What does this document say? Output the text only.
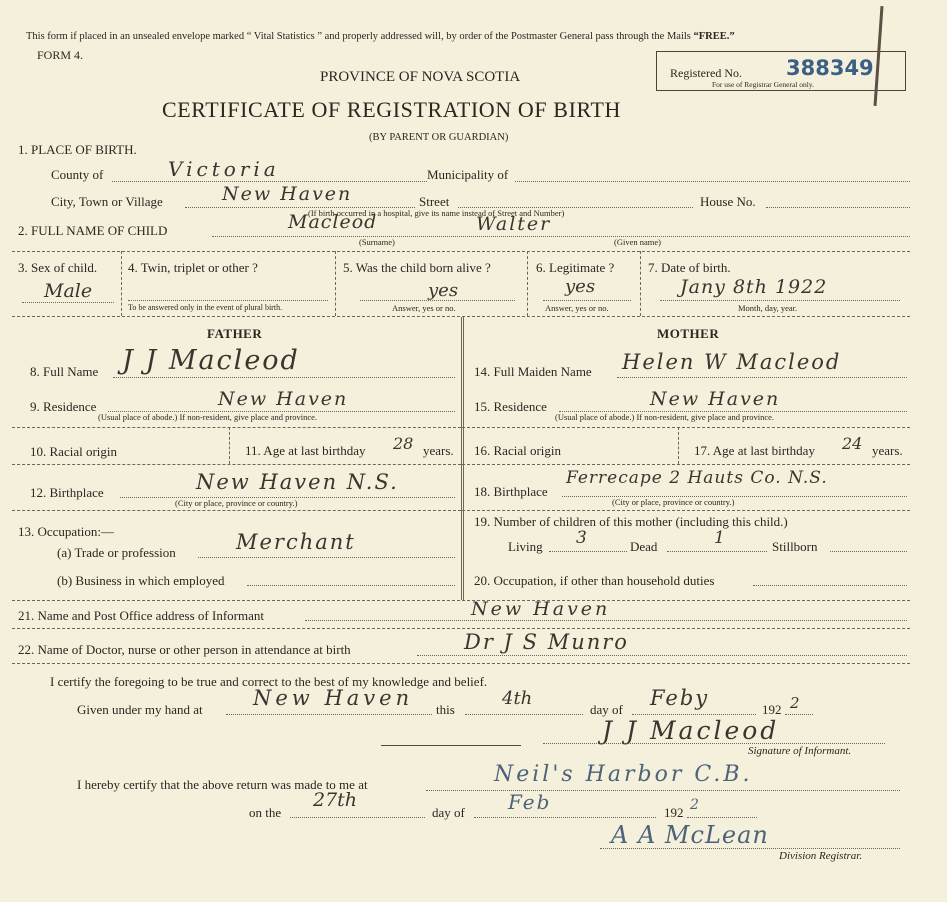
This form if placed in an unsealed envelope marked “ Vital Statistics ” and properly addressed will, by order of the Postmaster General pass through the Mails “FREE.”
FORM 4.
Registered No. 388349
For use of Registrar General only.
PROVINCE OF NOVA SCOTIA
CERTIFICATE OF REGISTRATION OF BIRTH
(BY PARENT OR GUARDIAN)
1. PLACE OF BIRTH.
County of	Victoria	Municipality of
City, Town or Village	New Haven	Street	House No.
(If birth occurred in a hospital, give its name instead of Street and Number)
2. FULL NAME OF CHILD	Macleod	Walter
(Surname)	(Given name)
3. Sex of child.
Male
4. Twin, triplet or other ?
To be answered only in the event of plural birth.
5. Was the child born alive ?
yes
Answer, yes or no.
6. Legitimate ?
yes
Answer, yes or no.
7. Date of birth.
Jany 8th 1922
Month, day, year.
FATHER	MOTHER
8. Full Name J J Macleod
9. Residence	New Haven
(Usual place of abode.) If non-resident, give place and province.
10. Racial origin	11. Age at last birthday 28 years.
12. Birthplace	New Haven N.S.
(City or place, province or country.)
13. Occupation:—
(a) Trade or profession	Merchant
(b) Business in which employed
14. Full Maiden Name Helen W Macleod
15. Residence	New Haven
(Usual place of abode.) If non-resident, give place and province.
16. Racial origin	17. Age at last birthday 24 years.
18. Birthplace
Ferrecape 2 Hauts Co. N.S.
(City or place, province or country.)
19. Number of children of this mother (including this child.)
Living 3	Dead	1	Stillborn
20. Occupation, if other than household duties
21. Name and Post Office address of Informant	New Haven
22. Name of Doctor, nurse or other person in attendance at birth	Dr J S Munro
I certify the foregoing to be true and correct to the best of my knowledge and belief.
Given under my hand at New Haven this
4th
day of Feby	192 2
J J Macleod
Signature of Informant.
I hereby certify that the above return was made to me at	Neil's Harbor C.B.
on the
27th
day of Feb	192 2
A A McLean
Division Registrar.
